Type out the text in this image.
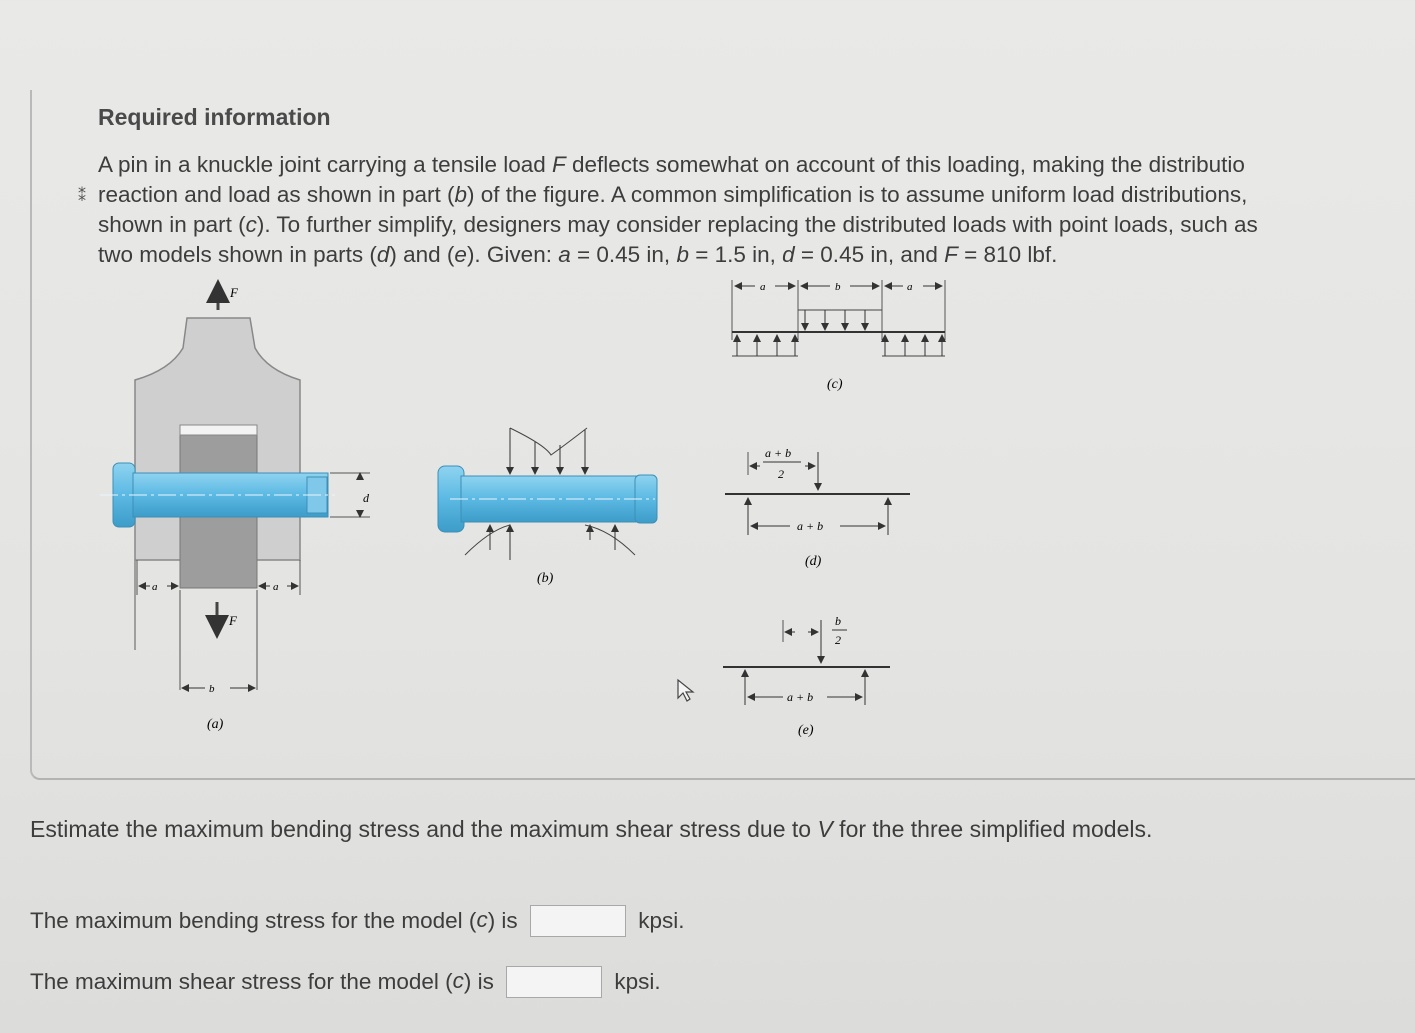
Required information
⁑
A pin in a knuckle joint carrying a tensile load F deflects somewhat on account of this loading, making the distributio
reaction and load as shown in part (b) of the figure. A common simplification is to assume uniform load distributions,
shown in part (c). To further simplify, designers may consider replacing the distributed loads with point loads, such as
two models shown in parts (d) and (e). Given: a = 0.45 in, b = 1.5 in, d = 0.45 in, and F = 810 lbf.
F
d
a	a
F
b
(a)
(b)
a	b	a
(c)
a + b
2
a + b
(d)
b
2
a + b
(e)
Estimate the maximum bending stress and the maximum shear stress due to V for the three simplified models.
The maximum bending stress for the model (c) is	kpsi.
The maximum shear stress for the model (c) is	kpsi.
